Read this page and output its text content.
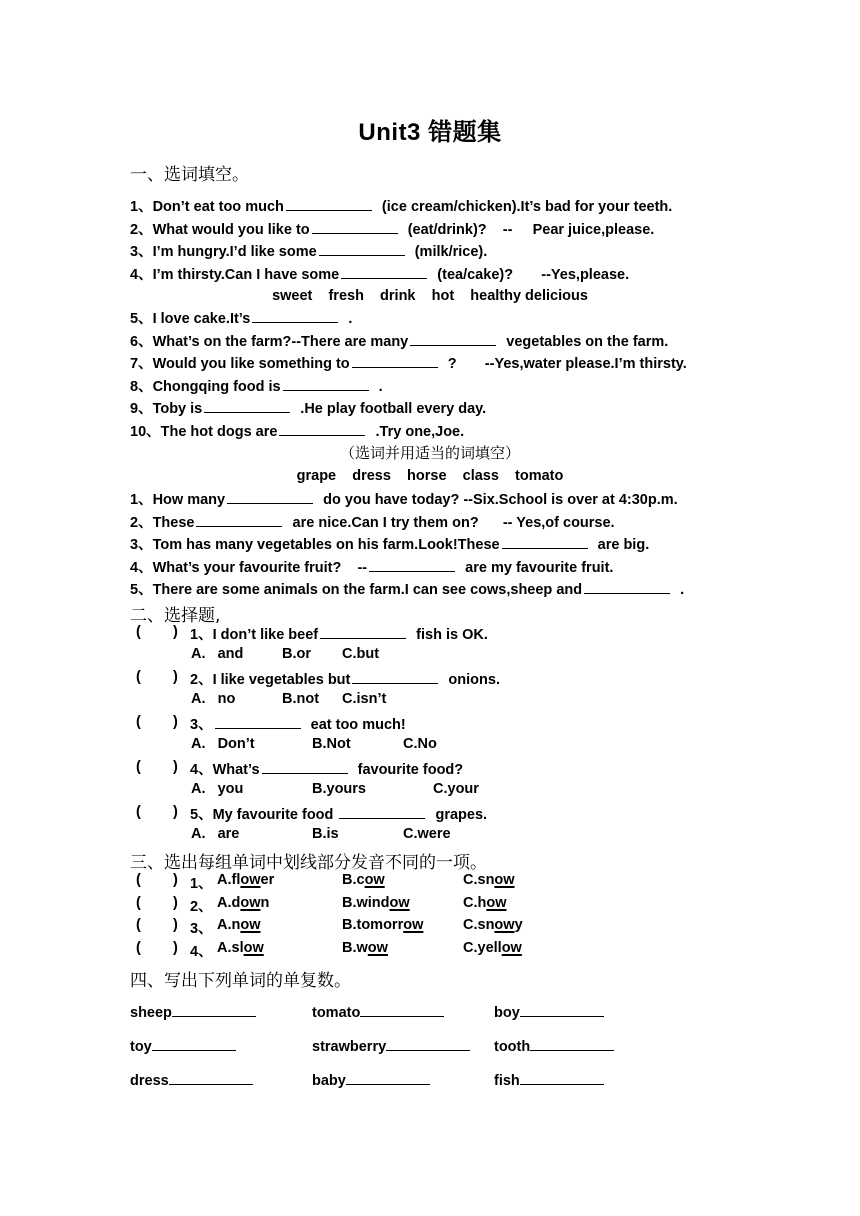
Unit3 错题集
一、选词填空。
1、Don’t eat too much	(ice cream/chicken).It’s bad for your teeth.
2、What would you like to	(eat/drink)?    --     Pear juice,please.
3、I’m hungry.I’d like some	(milk/rice).
4、I’m thirsty.Can I have some	(tea/cake)?       --Yes,please.
sweet    fresh    drink    hot    healthy delicious
5、I love cake.It’s	.
6、What’s on the farm?--There are many	vegetables on the farm.
7、Would you like something to	?       --Yes,water please.I’m thirsty.
8、Chongqing food is	.
9、Toby is	.He play football every day.
10、The hot dogs are	.Try one,Joe.
（选词并用适当的词填空）
grape    dress    horse    class    tomato
1、How many	do you have today? --Six.School is over at 4:30p.m.
2、These	are nice.Can I try them on?      -- Yes,of course.
3、Tom has many vegetables on his farm.Look!These	are big.
4、What’s your favourite fruit?    --	are my favourite fruit.
5、There are some animals on the farm.I can see cows,sheep and	.
二、选择题,
(        ) 1、I don’t like beef	fish is OK.
A.   and	B.or C.but
(        ) 2、I like vegetables but	onions.
A.   no	B.not C.isn’t
(        ) 3、	eat too much!
A.   Don’t	B.Not	C.No
(        ) 4、What’s	favourite food?
A.   you	B.yours	C.your
(        ) 5、My favourite food	grapes.
A.   are	B.is	C.were
三、选出每组单词中划线部分发音不同的一项。
(        ) 1、 A.flower	B.cow	C.snow
(        ) 2、 A.down	B.window	C.how
(        ) 3、 A.now	B.tomorrow	C.snowy
(        ) 4、 A.slow	B.wow	C.yellow
四、写出下列单词的单复数。
sheep	tomato	boy
toy	strawberry	tooth
dress	baby	fish
